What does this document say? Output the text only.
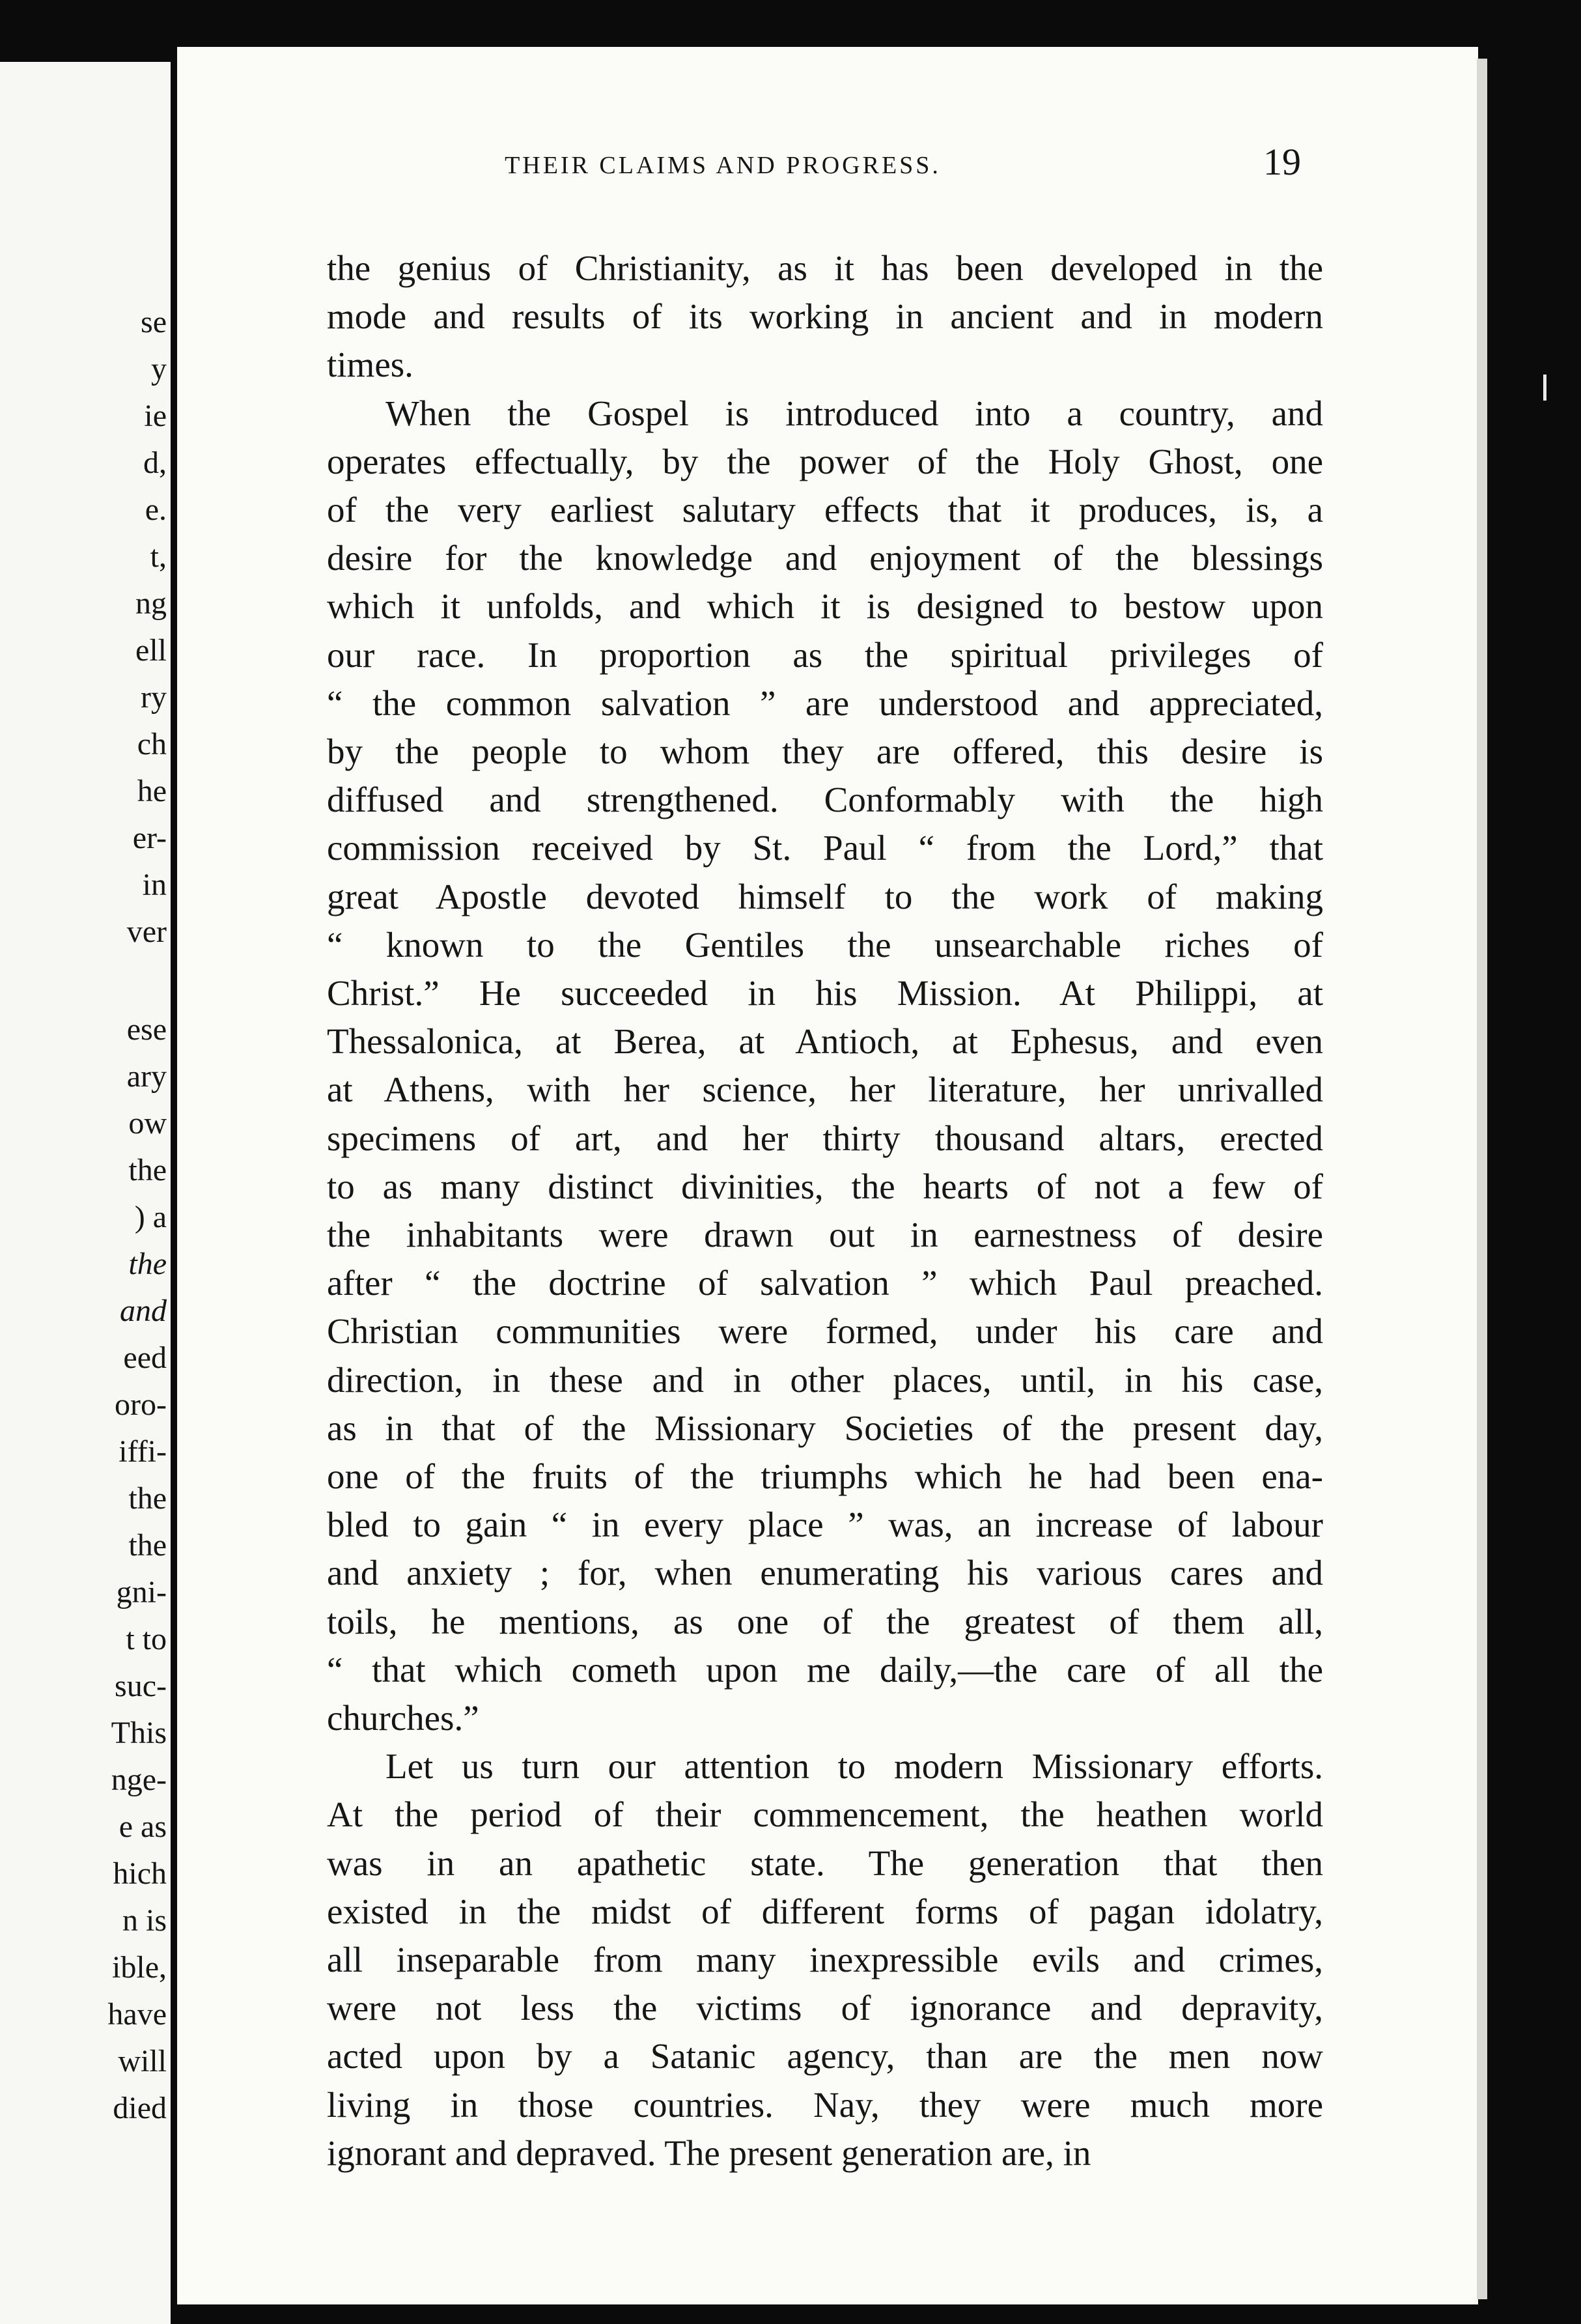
se
y
ie
d,
e.
t,
ng
ell
ry
ch
he
er-
in
ver
ese
ary
ow
the
) a
the
and
eed
oro-
iffi-
the
the
gni-
t to
suc-
This
nge-
e as
hich
n is
ible,
have
will
died
THEIR CLAIMS AND PROGRESS.	19
the genius of Christianity, as it has been developed in the
mode and results of its working in ancient and in modern
times.
When the Gospel is introduced into a country, and
operates effectually, by the power of the Holy Ghost, one
of the very earliest salutary effects that it produces, is, a
desire for the knowledge and enjoyment of the blessings
which it unfolds, and which it is designed to bestow upon
our race. In proportion as the spiritual privileges of
“ the common salvation ” are understood and appreciated,
by the people to whom they are offered, this desire is
diffused and strengthened. Conformably with the high
commission received by St. Paul “ from the Lord,” that
great Apostle devoted himself to the work of making
“ known to the Gentiles the unsearchable riches of
Christ.” He succeeded in his Mission. At Philippi, at
Thessalonica, at Berea, at Antioch, at Ephesus, and even
at Athens, with her science, her literature, her unrivalled
specimens of art, and her thirty thousand altars, erected
to as many distinct divinities, the hearts of not a few of
the inhabitants were drawn out in earnestness of desire
after “ the doctrine of salvation ” which Paul preached.
Christian communities were formed, under his care and
direction, in these and in other places, until, in his case,
as in that of the Missionary Societies of the present day,
one of the fruits of the triumphs which he had been ena-
bled to gain “ in every place ” was, an increase of labour
and anxiety ; for, when enumerating his various cares and
toils, he mentions, as one of the greatest of them all,
“ that which cometh upon me daily,—the care of all the
churches.”
Let us turn our attention to modern Missionary efforts.
At the period of their commencement, the heathen world
was in an apathetic state. The generation that then
existed in the midst of different forms of pagan idolatry,
all inseparable from many inexpressible evils and crimes,
were not less the victims of ignorance and depravity,
acted upon by a Satanic agency, than are the men now
living in those countries. Nay, they were much more
ignorant and depraved. The present generation are, in
